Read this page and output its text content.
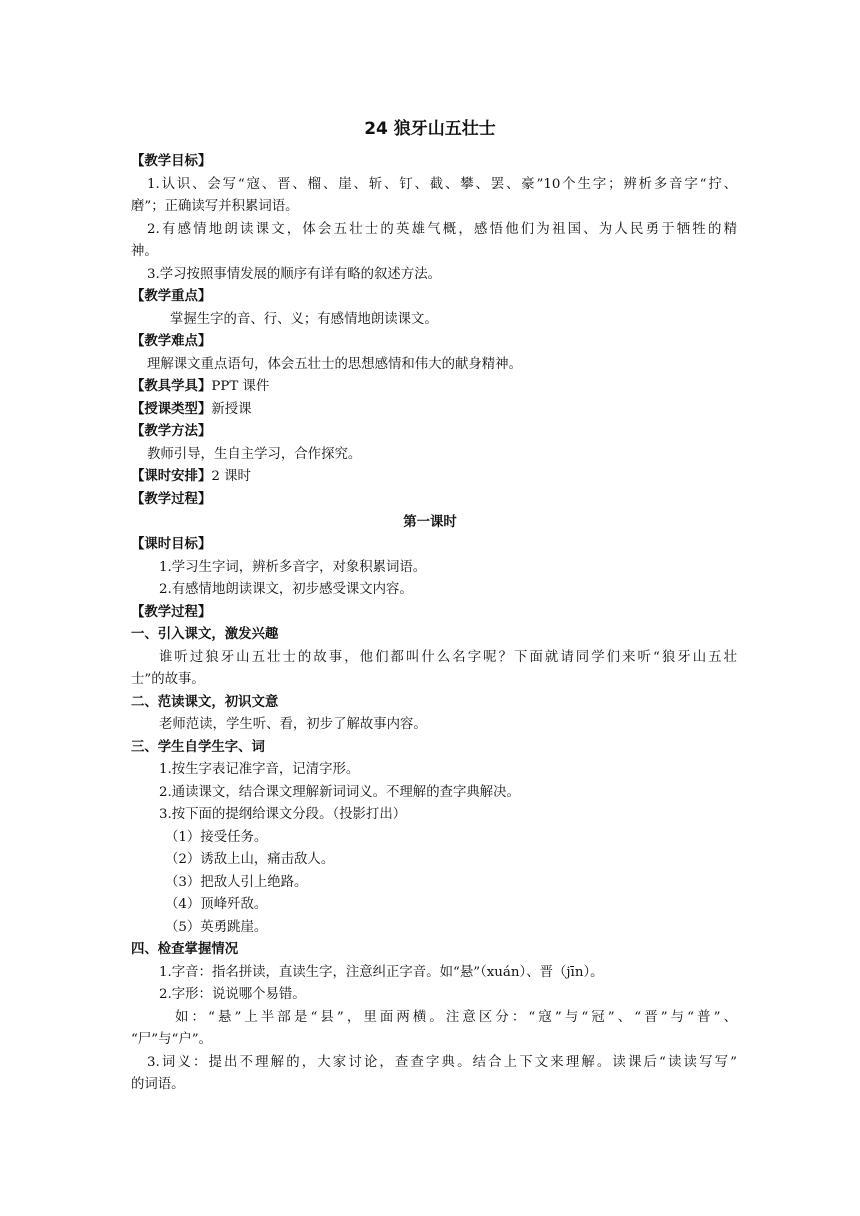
24 狼牙山五壮士
【教学目标】
1.认识、会写“寇、晋、榴、崖、斩、钉、截、攀、罢、豪”10个生字；辨析多音字“拧、
磨”；正确读写并积累词语。
2.有感情地朗读课文，体会五壮士的英雄气概，感悟他们为祖国、为人民勇于牺牲的精
神。
3.学习按照事情发展的顺序有详有略的叙述方法。
【教学重点】
掌握生字的音、行、义；有感情地朗读课文。
【教学难点】
理解课文重点语句，体会五壮士的思想感情和伟大的献身精神。
【教具学具】PPT 课件
【授课类型】新授课
【教学方法】
教师引导，生自主学习，合作探究。
【课时安排】2 课时
【教学过程】
第一课时
【课时目标】
1.学习生字词，辨析多音字，对象积累词语。
2.有感情地朗读课文，初步感受课文内容。
【教学过程】
一、引入课文，激发兴趣
谁听过狼牙山五壮士的故事，他们都叫什么名字呢？下面就请同学们来听“狼牙山五壮
士”的故事。
二、范读课文，初识文意
老师范读，学生听、看，初步了解故事内容。
三、学生自学生字、词
1.按生字表记准字音，记清字形。
2.通读课文，结合课文理解新词词义。不理解的查字典解决。
3.按下面的提纲给课文分段。（投影打出）
（1）接受任务。
（2）诱敌上山，痛击敌人。
（3）把敌人引上绝路。
（4）顶峰歼敌。
（5）英勇跳崖。
四、检查掌握情况
1.字音：指名拼读，直读生字，注意纠正字音。如“悬”（xuán）、晋（jīn）。
2.字形：说说哪个易错。
如：“悬”上半部是“县”，里面两横。注意区分：“寇”与“冠”、“晋”与“普”、
“尸”与“户”。
3.词义：提出不理解的，大家讨论，查查字典。结合上下文来理解。读课后“读读写写”
的词语。
